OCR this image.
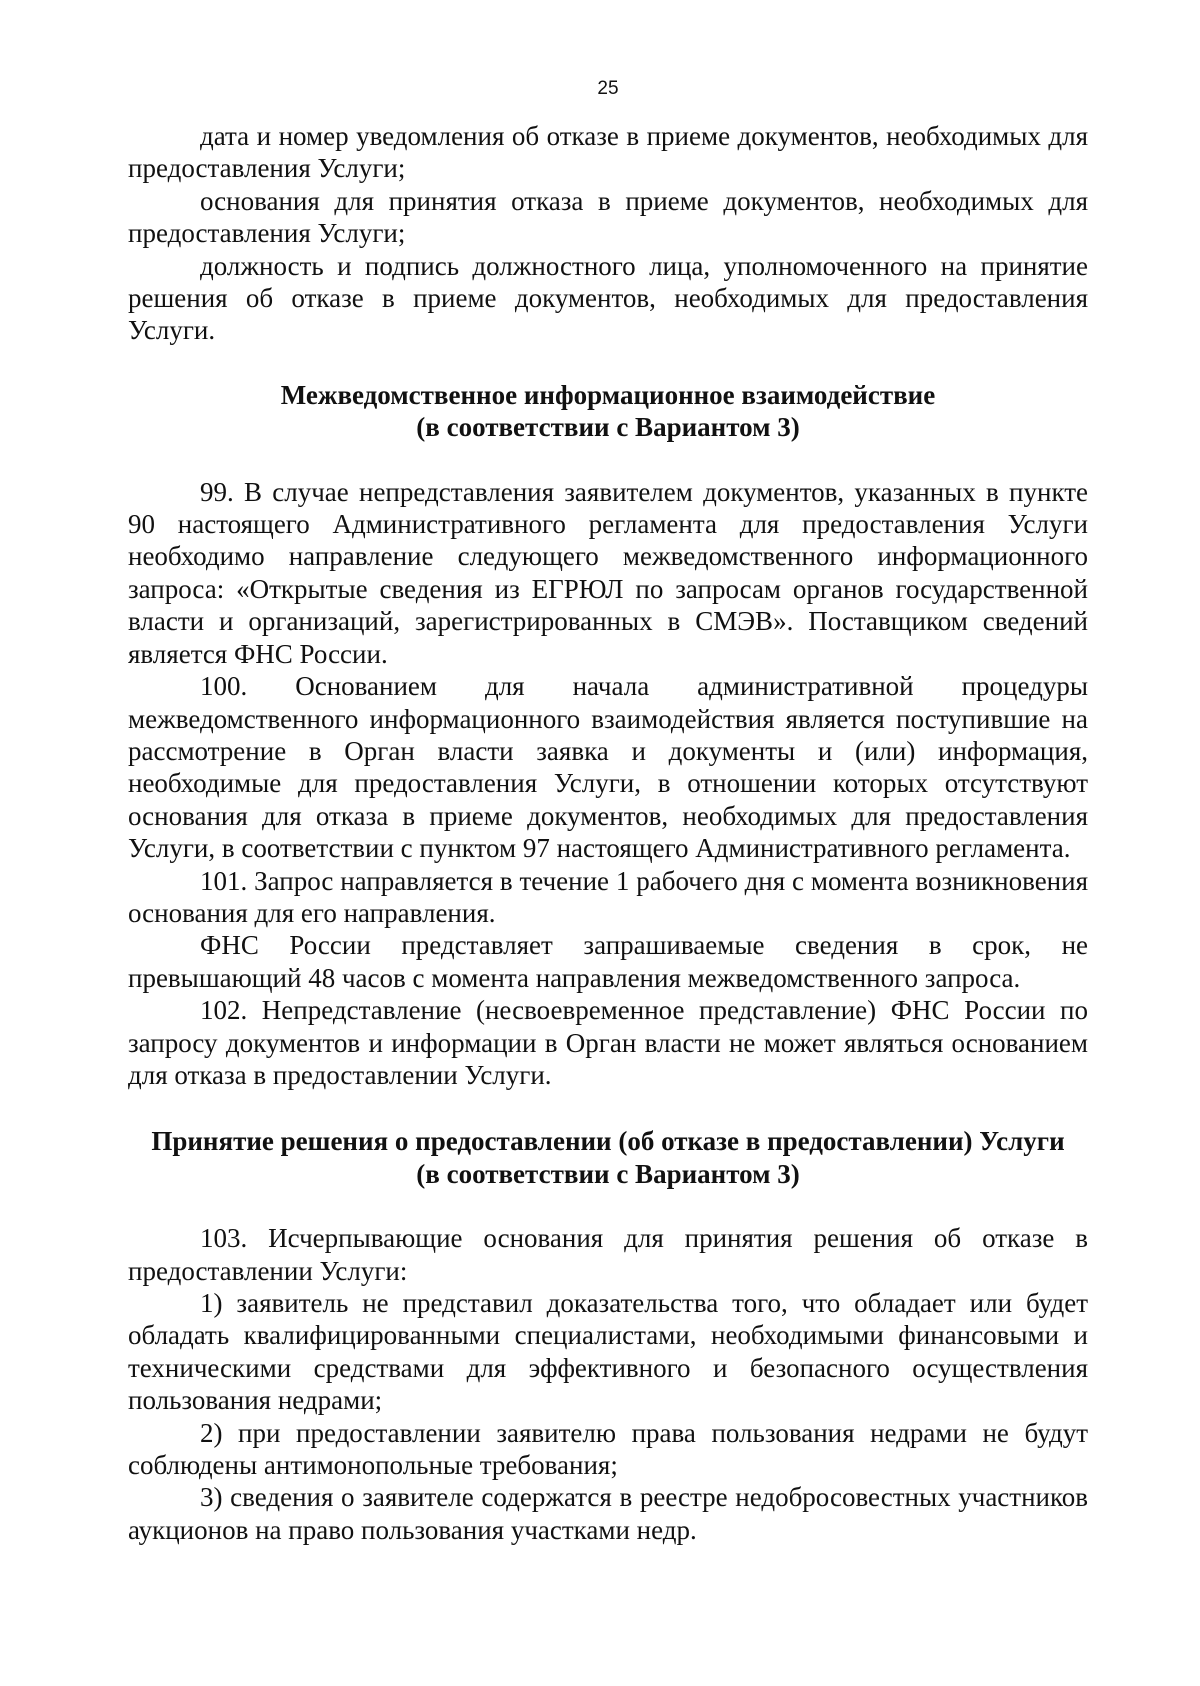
25

дата и номер уведомления об отказе в приеме документов, необходимых для предоставления Услуги;

основания для принятия отказа в приеме документов, необходимых для предоставления Услуги;

должность и подпись должностного лица, уполномоченного на принятие решения об отказе в приеме документов, необходимых для предоставления Услуги.

Межведомственное информационное взаимодействие
(в соответствии с Вариантом 3)

99. В случае непредставления заявителем документов, указанных в пункте 90 настоящего Административного регламента для предоставления Услуги необходимо направление следующего межведомственного информационного запроса: «Открытые сведения из ЕГРЮЛ по запросам органов государственной власти и организаций, зарегистрированных в СМЭВ». Поставщиком сведений является ФНС России.

100. Основанием для начала административной процедуры межведомственного информационного взаимодействия является поступившие на рассмотрение в Орган власти заявка и документы и (или) информация, необходимые для предоставления Услуги, в отношении которых отсутствуют основания для отказа в приеме документов, необходимых для предоставления Услуги, в соответствии с пунктом 97 настоящего Административного регламента.

101. Запрос направляется в течение 1 рабочего дня с момента возникновения основания для его направления.

ФНС России представляет запрашиваемые сведения в срок, не превышающий 48 часов с момента направления межведомственного запроса.

102. Непредставление (несвоевременное представление) ФНС России по запросу документов и информации в Орган власти не может являться основанием для отказа в предоставлении Услуги.

Принятие решения о предоставлении (об отказе в предоставлении) Услуги
(в соответствии с Вариантом 3)

103. Исчерпывающие основания для принятия решения об отказе в предоставлении Услуги:

1) заявитель не представил доказательства того, что обладает или будет обладать квалифицированными специалистами, необходимыми финансовыми и техническими средствами для эффективного и безопасного осуществления пользования недрами;

2) при предоставлении заявителю права пользования недрами не будут соблюдены антимонопольные требования;

3) сведения о заявителе содержатся в реестре недобросовестных участников аукционов на право пользования участками недр.
